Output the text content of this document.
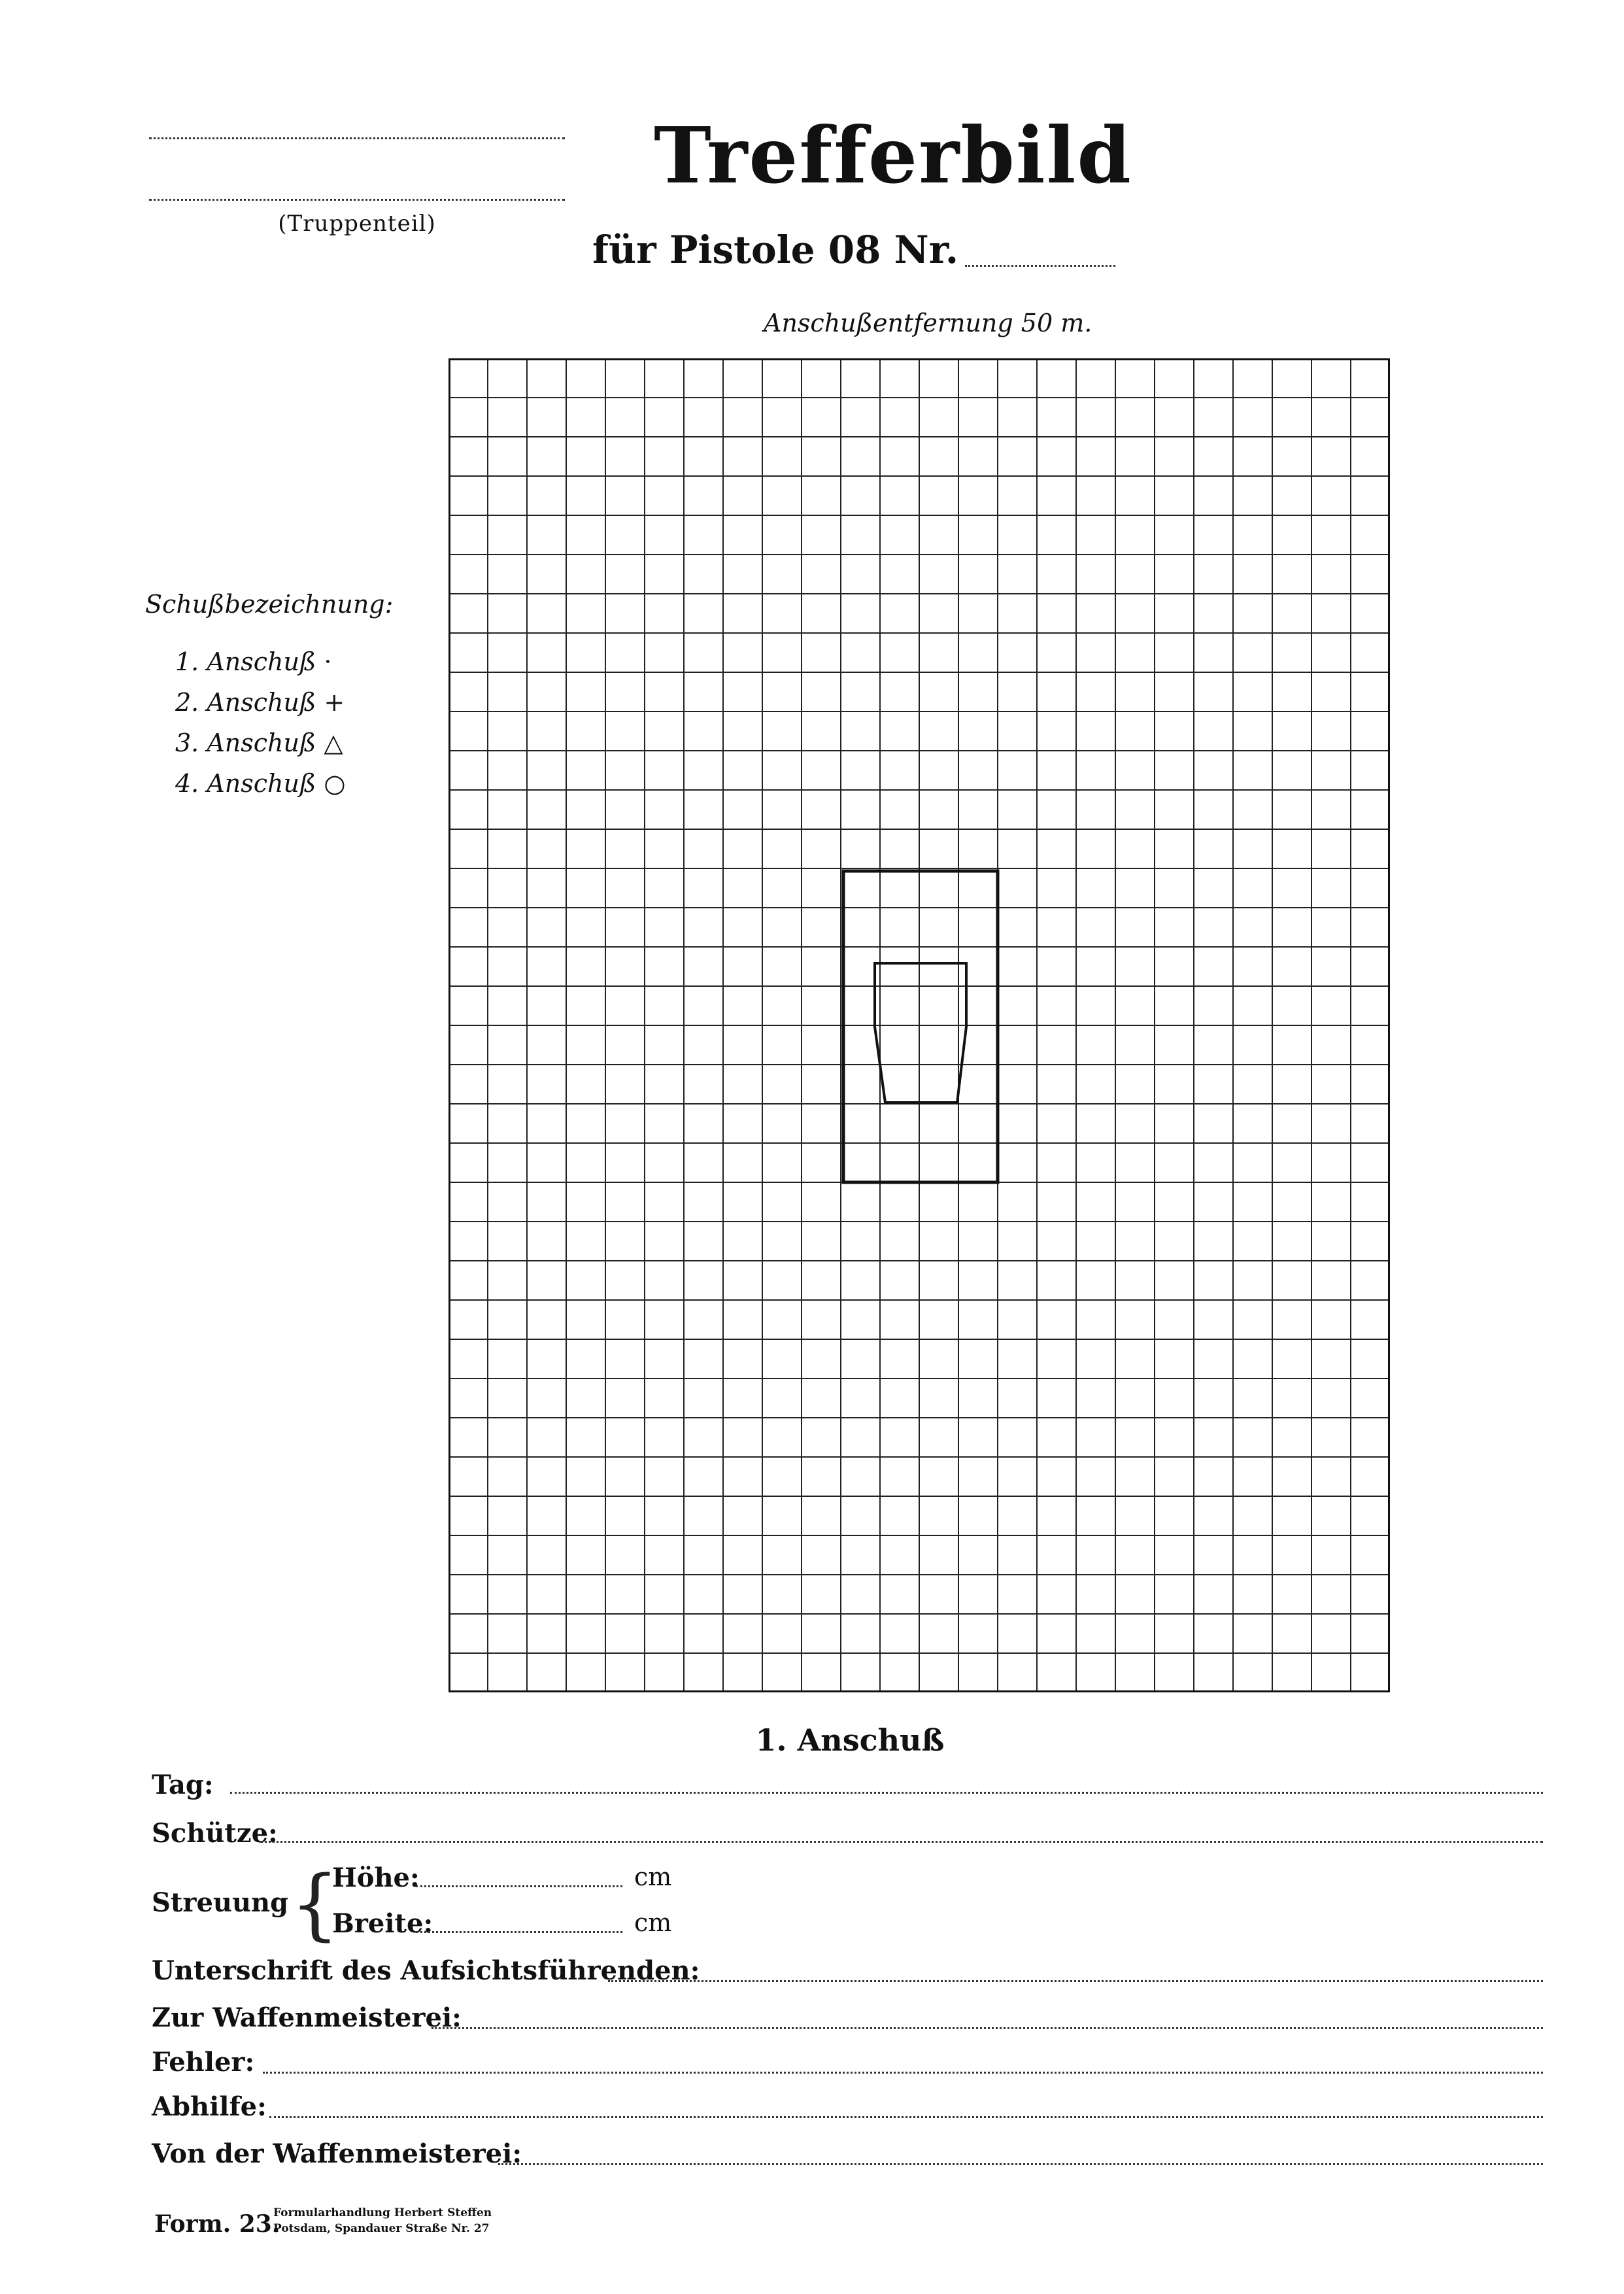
(Truppenteil)
Trefferbild
für Pistole 08 Nr.
Anschußentfernung 50 m.
Schußbezeichnung:
1. Anschuß ·
2. Anschuß +
3. Anschuß △
4. Anschuß ○
1. Anschuß
Tag:
Schütze:
Streuung {
Höhe:	cm
Breite:	cm
Unterschrift des Aufsichtsführenden:
Zur Waffenmeisterei:
Fehler:
Abhilfe:
Von der Waffenmeisterei:
Form. 23.
Formularhandlung Herbert Steffen
Potsdam, Spandauer Straße Nr. 27
